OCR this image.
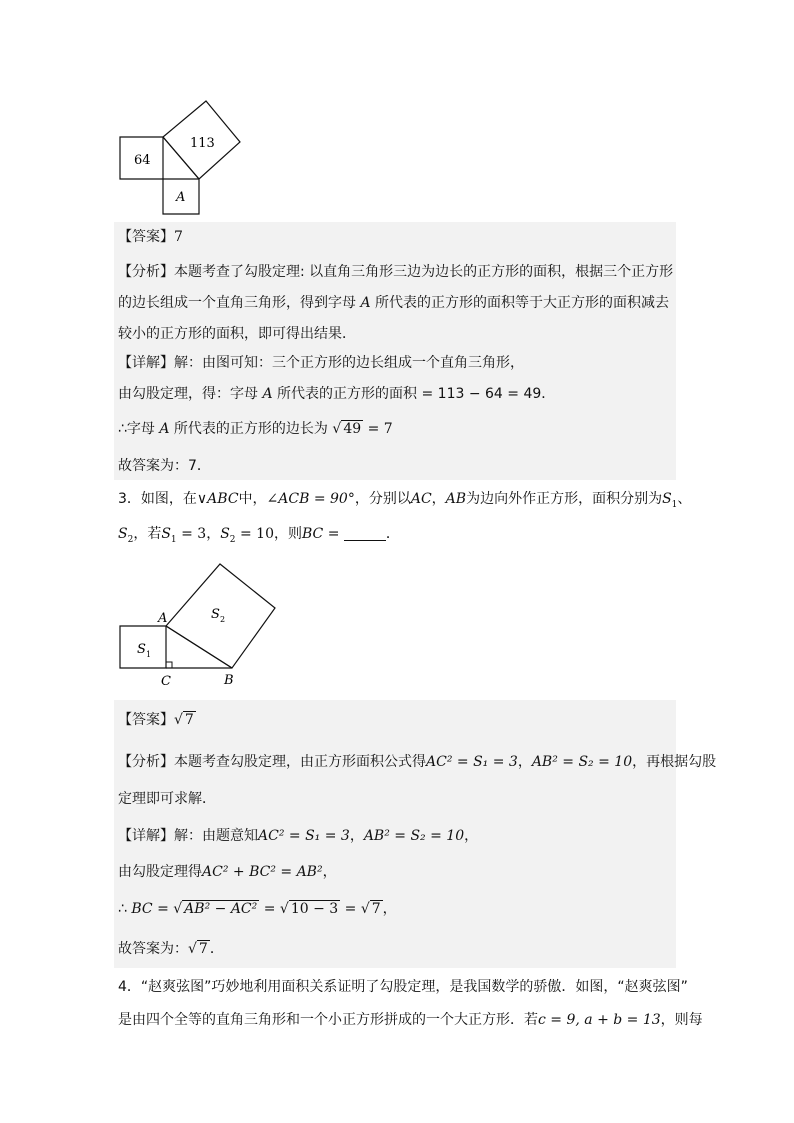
64
113
A
【答案】7
【分析】本题考查了勾股定理: 以直角三角形三边为边长的正方形的面积，根据三个正方形
的边长组成一个直角三角形，得到字母 A 所代表的正方形的面积等于大正方形的面积减去
较小的正方形的面积，即可得出结果．
【详解】解：由图可知：三个正方形的边长组成一个直角三角形，
由勾股定理，得：字母 A 所代表的正方形的面积 = 113 − 64 = 49．
∴字母 A 所代表的正方形的边长为 √ 49 = 7
故答案为：7．
3．如图，在∨ABC中，∠ACB = 90°，分别以AC，AB为边向外作正方形，面积分别为$S_1$、
$S_2$，若$S_1 = 3$，$S_2 = 10$，则BC =	．
A
B
C
S 1
S 2
【答案】√ 7
【分析】本题考查勾股定理，由正方形面积公式得AC² = S₁ = 3，AB² = S₂ = 10，再根据勾股
定理即可求解．
【详解】解：由题意知AC² = S₁ = 3，AB² = S₂ = 10，
由勾股定理得AC² + BC² = AB²，
∴ BC = √ AB² − AC² = √ 10 − 3 = √ 7 ，
故答案为：√ 7 ．
4．“赵爽弦图”巧妙地利用面积关系证明了勾股定理，是我国数学的骄傲．如图，“赵爽弦图”
是由四个全等的直角三角形和一个小正方形拼成的一个大正方形．若c = 9, a + b = 13，则每
